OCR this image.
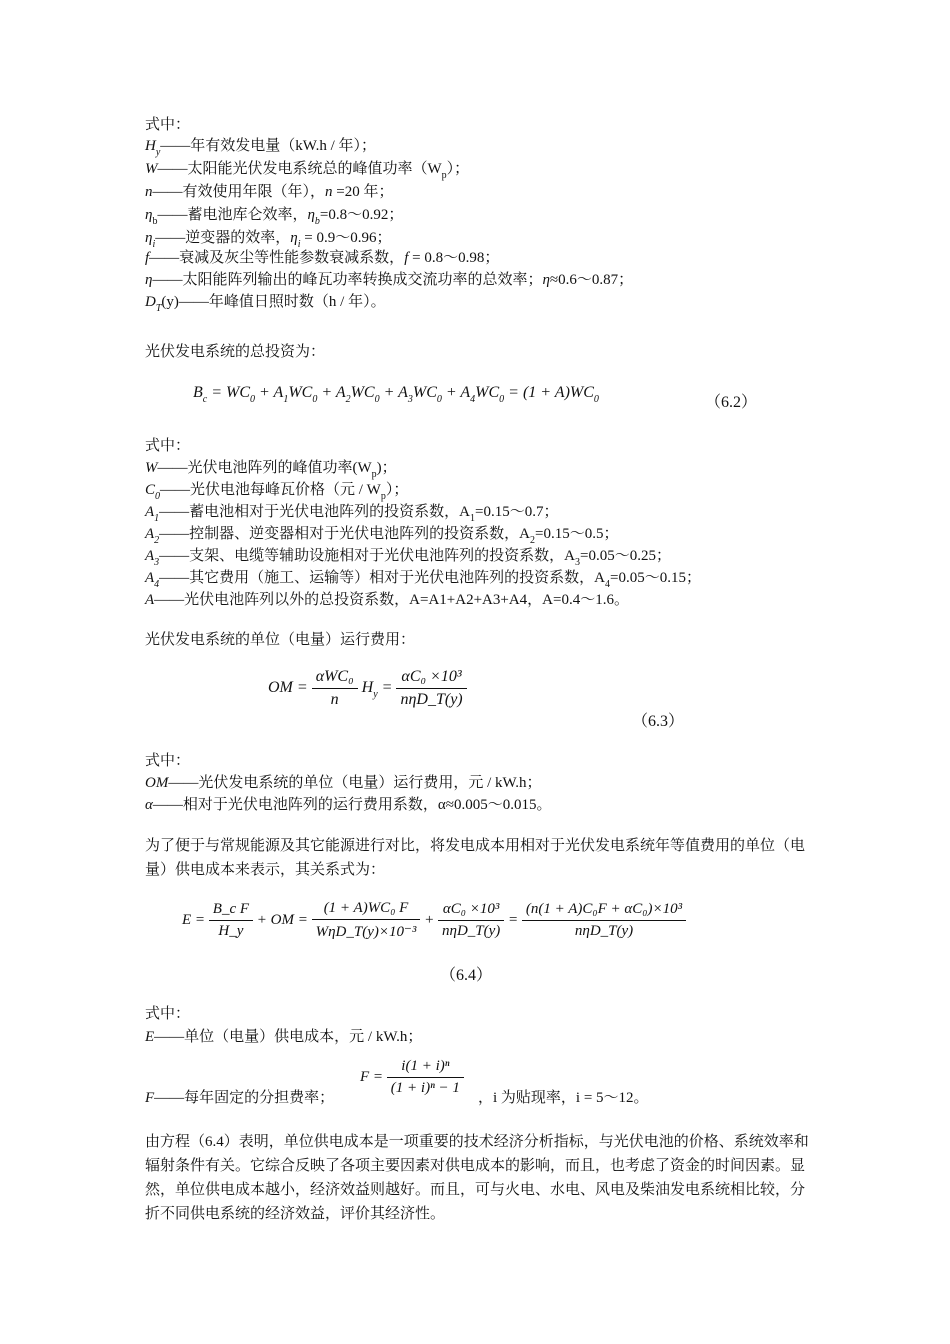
式中：
$H_y——$年有效发电量（kW.h / 年）；
W——太阳能光伏发电系统总的峰值功率$(W_p)$；
n——有效使用年限（年），n =20 年；
$\eta_b——$蓄电池库仑效率，$\eta_b=0.8\sim 0.92$；
$\eta_i——$逆变器的效率，$\eta_i$ = 0.9～0.96；
f——衰减及灰尘等性能参数衰减系数，f = 0.8～0.98；
η——太阳能阵列输出的峰瓦功率转换成交流功率的总效率；η≈0.6～0.87；
$D_T(y)——$年峰值日照时数（h / 年）。
光伏发电系统的总投资为：
$B_c = WC_0 + A_1WC_0 + A_2WC_0 + A_3WC_0 + A_4WC_0 = (1 + A)WC_0$	（6.2）
式中：
W——光伏电池阵列的峰值功率$(W_p)$；
$C_0——$光伏电池每峰瓦价格（元 / $W_p$）；
$A_1——$蓄电池相对于光伏电池阵列的投资系数，$A_1=0.15\sim 0.7$；
$A_2——$控制器、逆变器相对于光伏电池阵列的投资系数，$A_2=0.15\sim 0.5$；
$A_3——$支架、电缆等辅助设施相对于光伏电池阵列的投资系数，$A_3=0.05\sim 0.25$；
$A_4——$其它费用（施工、运输等）相对于光伏电池阵列的投资系数，$A_4=0.05\sim 0.15$；
A——光伏电池阵列以外的总投资系数，A=A1+A2+A3+A4，A=0.4～1.6。
光伏发电系统的单位（电量）运行费用：
OM = $\frac{\text{αWC₀}}{n} H_y = \frac{\text{αC₀ ×10³}}{\text{nηD\_T(y)}}$
（6.3）
式中：
OM——光伏发电系统的单位（电量）运行费用，元 / kW.h；
α——相对于光伏电池阵列的运行费用系数，α≈0.005～0.015。
为了便于与常规能源及其它能源进行对比，将发电成本用相对于光伏发电系统年等值费用的单位（电量）供电成本来表示，其关系式为：
$E = \frac{\text{B\_c F}}{H\_y}$ + OM = $\frac{\text{(1 + A)WC₀ F}}{\text{WηD\_T(y)×10⁻³}} + \frac{\text{αC₀ ×10³}}{\text{nηD\_T(y)}} = \frac{\text{(n(1 + A)C₀F + αC₀)×10³}}{\text{nηD\_T(y)}}$
（6.4）
式中：
E——单位（电量）供电成本，元 / kW.h；
F——每年固定的分担费率；
$F = \frac{\text{i(1 + i)ⁿ}}{\text{(1 + i)ⁿ − 1}}$
，i 为贴现率，i = 5～12。
由方程（6.4）表明，单位供电成本是一项重要的技术经济分析指标，与光伏电池的价格、系统效率和辐射条件有关。它综合反映了各项主要因素对供电成本的影响，而且，也考虑了资金的时间因素。显然，单位供电成本越小，经济效益则越好。而且，可与火电、水电、风电及柴油发电系统相比较，分折不同供电系统的经济效益，评价其经济性。
